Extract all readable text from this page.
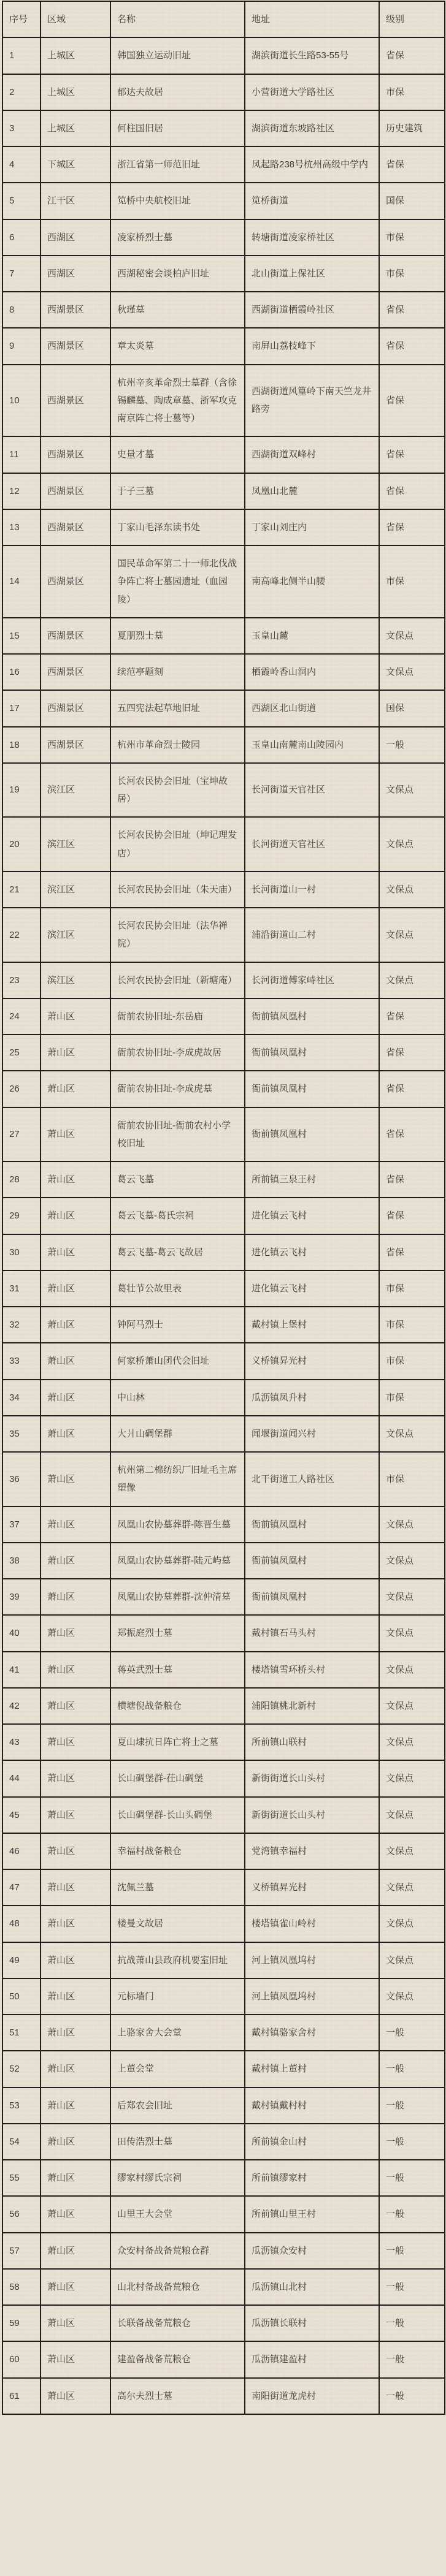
序号	区域	名称	地址	级别
1	上城区	韩国独立运动旧址	湖滨街道长生路53-55号	省保
2	上城区	郁达夫故居	小营街道大学路社区	市保
3	上城区	何柱国旧居	湖滨街道东坡路社区	历史建筑
4	下城区	浙江省第一师范旧址	凤起路238号杭州高级中学内	省保
5	江干区	笕桥中央航校旧址	笕桥街道	国保
6	西湖区	凌家桥烈士墓	转塘街道凌家桥社区	市保
7	西湖区	西湖秘密会谈柏庐旧址	北山街道上保社区	市保
8	西湖景区	秋瑾墓	西湖街道栖霞岭社区	省保
9	西湖景区	章太炎墓	南屏山荔枝峰下	省保
10	西湖景区	杭州辛亥革命烈士墓群（含徐锡麟墓、陶成章墓、浙军攻克南京阵亡将士墓等）	西湖街道风篁岭下南天竺龙井路旁	省保
11	西湖景区	史量才墓	西湖街道双峰村	省保
12	西湖景区	于子三墓	凤凰山北麓	省保
13	西湖景区	丁家山毛泽东读书处	丁家山刘庄内	省保
14	西湖景区	国民革命军第二十一师北伐战争阵亡将士墓园遗址（血园陵）	南高峰北侧半山腰	市保
15	西湖景区	夏朋烈士墓	玉皇山麓	文保点
16	西湖景区	续范亭题刻	栖霞岭香山洞内	文保点
17	西湖景区	五四宪法起草地旧址	西湖区北山街道	国保
18	西湖景区	杭州市革命烈士陵园	玉皇山南麓南山陵园内	一般
19	滨江区	长河农民协会旧址（宝坤故居）	长河街道天官社区	文保点
20	滨江区	长河农民协会旧址（坤记理发店）	长河街道天官社区	文保点
21	滨江区	长河农民协会旧址（朱天庙）	长河街道山一村	文保点
22	滨江区	长河农民协会旧址（法华禅院）	浦沿街道山二村	文保点
23	滨江区	长河农民协会旧址（新塘庵）	长河街道傅家峙社区	文保点
24	萧山区	衙前农协旧址-东岳庙	衙前镇凤凰村	省保
25	萧山区	衙前农协旧址-李成虎故居	衙前镇凤凰村	省保
26	萧山区	衙前农协旧址-李成虎墓	衙前镇凤凰村	省保
27	萧山区	衙前农协旧址-衙前农村小学校旧址	衙前镇凤凰村	省保
28	萧山区	葛云飞墓	所前镇三泉王村	省保
29	萧山区	葛云飞墓-葛氏宗祠	进化镇云飞村	省保
30	萧山区	葛云飞墓-葛云飞故居	进化镇云飞村	省保
31	萧山区	葛壮节公故里表	进化镇云飞村	市保
32	萧山区	钟阿马烈士	戴村镇上堡村	市保
33	萧山区	何家桥萧山团代会旧址	义桥镇昇光村	市保
34	萧山区	中山林	瓜沥镇凤升村	市保
35	萧山区	大爿山碉堡群	闻堰街道闻兴村	文保点
36	萧山区	杭州第二棉纺织厂旧址毛主席塑像	北干街道工人路社区	市保
37	萧山区	凤凰山农协墓葬群-陈晋生墓	衙前镇凤凰村	文保点
38	萧山区	凤凰山农协墓葬群-陆元屿墓	衙前镇凤凰村	文保点
39	萧山区	凤凰山农协墓葬群-沈仲清墓	衙前镇凤凰村	文保点
40	萧山区	郑振庭烈士墓	戴村镇石马头村	文保点
41	萧山区	蒋英武烈士墓	楼塔镇雪环桥头村	文保点
42	萧山区	横塘倪战备粮仓	浦阳镇桃北新村	文保点
43	萧山区	夏山埭抗日阵亡将士之墓	所前镇山联村	文保点
44	萧山区	长山碉堡群-茌山碉堡	新街街道长山头村	文保点
45	萧山区	长山碉堡群-长山头碉堡	新街街道长山头村	文保点
46	萧山区	幸福村战备粮仓	党湾镇幸福村	文保点
47	萧山区	沈佩兰墓	义桥镇昇光村	文保点
48	萧山区	楼曼文故居	楼塔镇雀山岭村	文保点
49	萧山区	抗战萧山县政府机要室旧址	河上镇凤凰坞村	文保点
50	萧山区	元标墙门	河上镇凤凰坞村	文保点
51	萧山区	上骆家舍大会堂	戴村镇骆家舍村	一般
52	萧山区	上董会堂	戴村镇上董村	一般
53	萧山区	后郑农会旧址	戴村镇戴村村	一般
54	萧山区	田传浩烈士墓	所前镇金山村	一般
55	萧山区	缪家村缪氏宗祠	所前镇缪家村	一般
56	萧山区	山里王大会堂	所前镇山里王村	一般
57	萧山区	众安村备战备荒粮仓群	瓜沥镇众安村	一般
58	萧山区	山北村备战备荒粮仓	瓜沥镇山北村	一般
59	萧山区	长联备战备荒粮仓	瓜沥镇长联村	一般
60	萧山区	建盈备战备荒粮仓	瓜沥镇建盈村	一般
61	萧山区	高尔夫烈士墓	南阳街道龙虎村	一般
